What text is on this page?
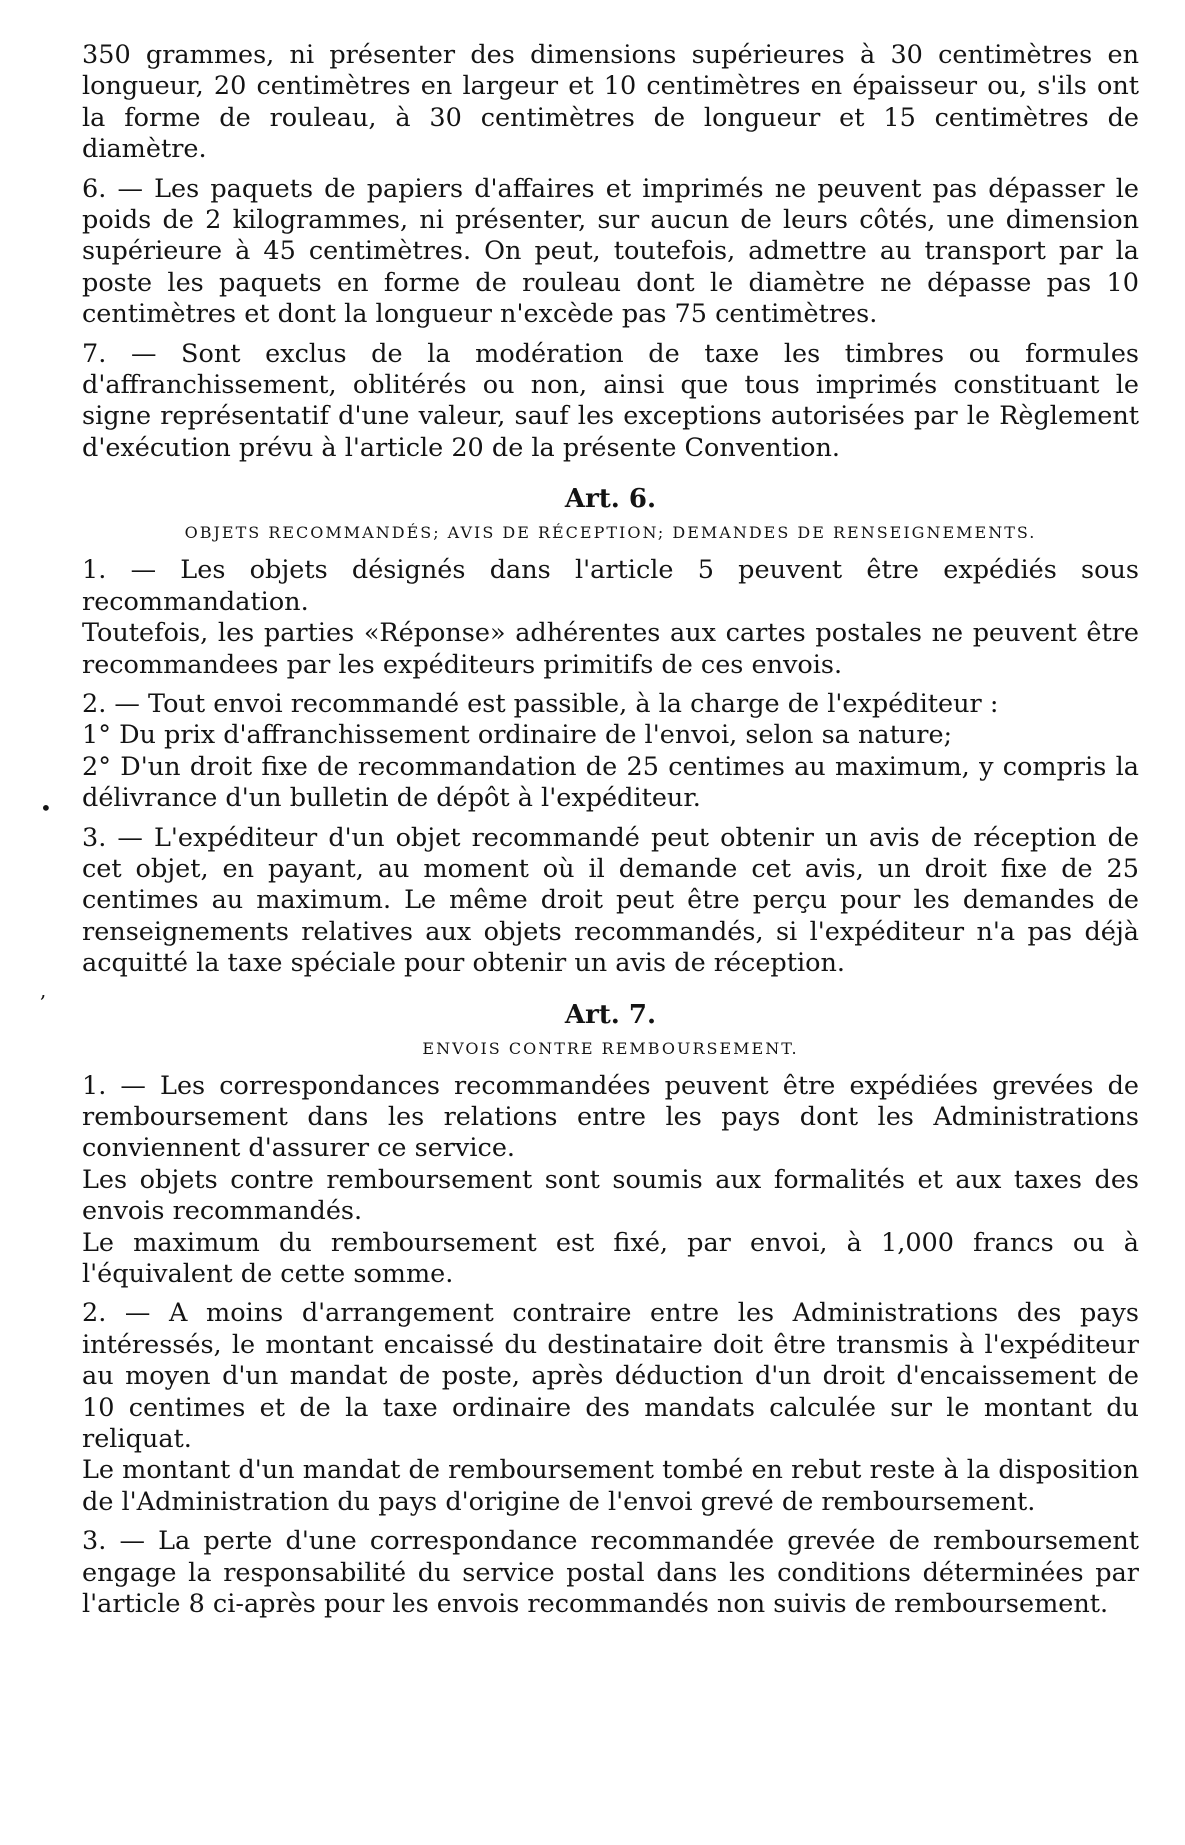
350 grammes, ni présenter des dimensions supérieures à 30 centimètres en longueur, 20 centimètres en largeur et 10 centimètres en épaisseur ou, s'ils ont la forme de rouleau, à 30 centimètres de longueur et 15 centimètres de diamètre.

6. — Les paquets de papiers d'affaires et imprimés ne peuvent pas dépasser le poids de 2 kilogrammes, ni présenter, sur aucun de leurs côtés, une dimension supérieure à 45 centimètres. On peut, toutefois, admettre au transport par la poste les paquets en forme de rouleau dont le diamètre ne dépasse pas 10 centimètres et dont la longueur n'excède pas 75 centimètres.

7. — Sont exclus de la modération de taxe les timbres ou formules d'affranchissement, oblitérés ou non, ainsi que tous imprimés constituant le signe représentatif d'une valeur, sauf les exceptions autorisées par le Règlement d'exécution prévu à l'article 20 de la présente Convention.

Art. 6.
OBJETS RECOMMANDÉS; AVIS DE RÉCEPTION; DEMANDES DE RENSEIGNEMENTS.

1. — Les objets désignés dans l'article 5 peuvent être expédiés sous recommandation.

Toutefois, les parties «Réponse» adhérentes aux cartes postales ne peuvent être recommandees par les expéditeurs primitifs de ces envois.

2. — Tout envoi recommandé est passible, à la charge de l'expéditeur :

1° Du prix d'affranchissement ordinaire de l'envoi, selon sa nature;

2° D'un droit fixe de recommandation de 25 centimes au maximum, y compris la délivrance d'un bulletin de dépôt à l'expéditeur.

3. — L'expéditeur d'un objet recommandé peut obtenir un avis de réception de cet objet, en payant, au moment où il demande cet avis, un droit fixe de 25 centimes au maximum. Le même droit peut être perçu pour les demandes de renseignements relatives aux objets recommandés, si l'expéditeur n'a pas déjà acquitté la taxe spéciale pour obtenir un avis de réception.

Art. 7.
ENVOIS CONTRE REMBOURSEMENT.

1. — Les correspondances recommandées peuvent être expédiées grevées de remboursement dans les relations entre les pays dont les Administrations conviennent d'assurer ce service.

Les objets contre remboursement sont soumis aux formalités et aux taxes des envois recommandés.

Le maximum du remboursement est fixé, par envoi, à 1,000 francs ou à l'équivalent de cette somme.

2. — A moins d'arrangement contraire entre les Administrations des pays intéressés, le montant encaissé du destinataire doit être transmis à l'expéditeur au moyen d'un mandat de poste, après déduction d'un droit d'encaissement de 10 centimes et de la taxe ordinaire des mandats calculée sur le montant du reliquat.

Le montant d'un mandat de remboursement tombé en rebut reste à la disposition de l'Administration du pays d'origine de l'envoi grevé de remboursement.

3. — La perte d'une correspondance recommandée grevée de remboursement engage la responsabilité du service postal dans les conditions déterminées par l'article 8 ci-après pour les envois recommandés non suivis de remboursement.

•
,
